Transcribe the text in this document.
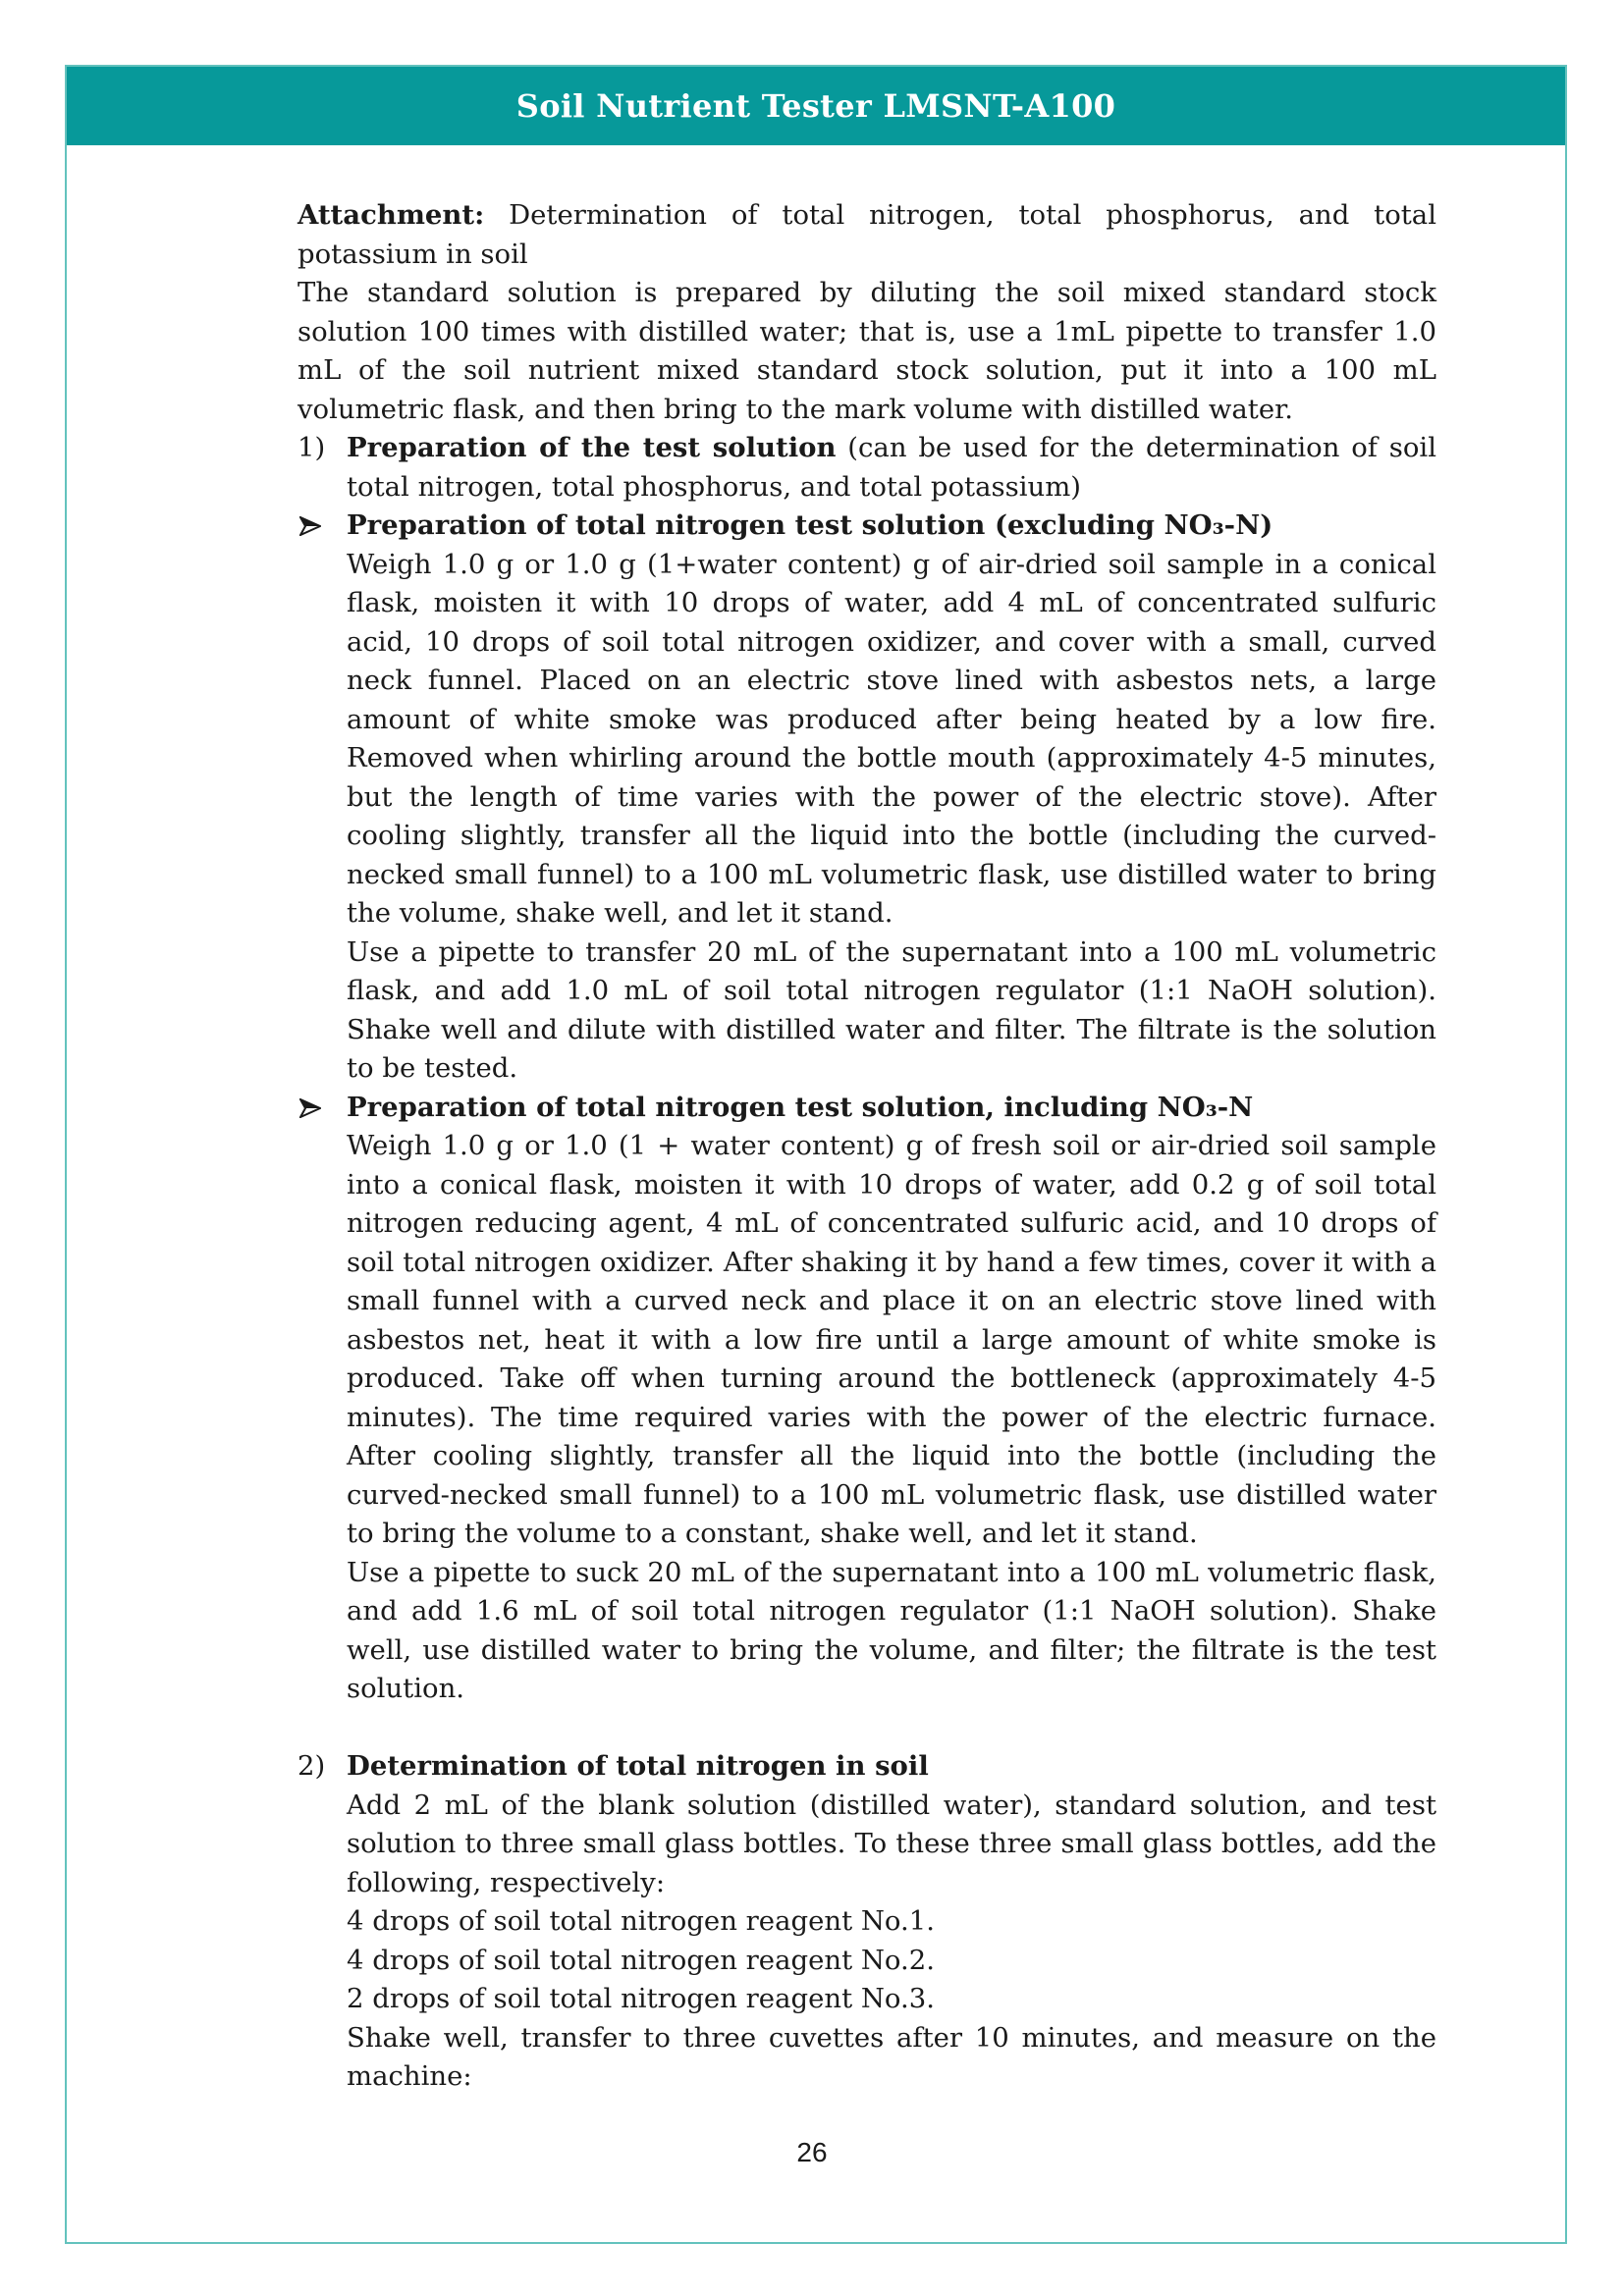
Soil Nutrient Tester LMSNT-A100

Attachment: Determination of total nitrogen, total phosphorus, and total potassium in soil

The standard solution is prepared by diluting the soil mixed standard stock solution 100 times with distilled water; that is, use a 1mL pipette to transfer 1.0 mL of the soil nutrient mixed standard stock solution, put it into a 100 mL volumetric flask, and then bring to the mark volume with distilled water.

1) Preparation of the test solution (can be used for the determination of soil total nitrogen, total phosphorus, and total potassium)
Preparation of total nitrogen test solution (excluding NO₃-N)

Weigh 1.0 g or 1.0 g (1+water content) g of air-dried soil sample in a conical flask, moisten it with 10 drops of water, add 4 mL of concentrated sulfuric acid, 10 drops of soil total nitrogen oxidizer, and cover with a small, curved neck funnel. Placed on an electric stove lined with asbestos nets, a large amount of white smoke was produced after being heated by a low fire. Removed when whirling around the bottle mouth (approximately 4-5 minutes, but the length of time varies with the power of the electric stove). After cooling slightly, transfer all the liquid into the bottle (including the curved-necked small funnel) to a 100 mL volumetric flask, use distilled water to bring the volume, shake well, and let it stand.

Use a pipette to transfer 20 mL of the supernatant into a 100 mL volumetric flask, and add 1.0 mL of soil total nitrogen regulator (1:1 NaOH solution). Shake well and dilute with distilled water and filter. The filtrate is the solution to be tested.

Preparation of total nitrogen test solution, including NO₃-N

Weigh 1.0 g or 1.0 (1 + water content) g of fresh soil or air-dried soil sample into a conical flask, moisten it with 10 drops of water, add 0.2 g of soil total nitrogen reducing agent, 4 mL of concentrated sulfuric acid, and 10 drops of soil total nitrogen oxidizer. After shaking it by hand a few times, cover it with a small funnel with a curved neck and place it on an electric stove lined with asbestos net, heat it with a low fire until a large amount of white smoke is produced. Take off when turning around the bottleneck (approximately 4-5 minutes). The time required varies with the power of the electric furnace. After cooling slightly, transfer all the liquid into the bottle (including the curved-necked small funnel) to a 100 mL volumetric flask, use distilled water to bring the volume to a constant, shake well, and let it stand.

Use a pipette to suck 20 mL of the supernatant into a 100 mL volumetric flask, and add 1.6 mL of soil total nitrogen regulator (1:1 NaOH solution). Shake well, use distilled water to bring the volume, and filter; the filtrate is the test solution.

2) Determination of total nitrogen in soil

Add 2 mL of the blank solution (distilled water), standard solution, and test solution to three small glass bottles. To these three small glass bottles, add the following, respectively:

4 drops of soil total nitrogen reagent No.1.

4 drops of soil total nitrogen reagent No.2.

2 drops of soil total nitrogen reagent No.3.

Shake well, transfer to three cuvettes after 10 minutes, and measure on the machine:

26
